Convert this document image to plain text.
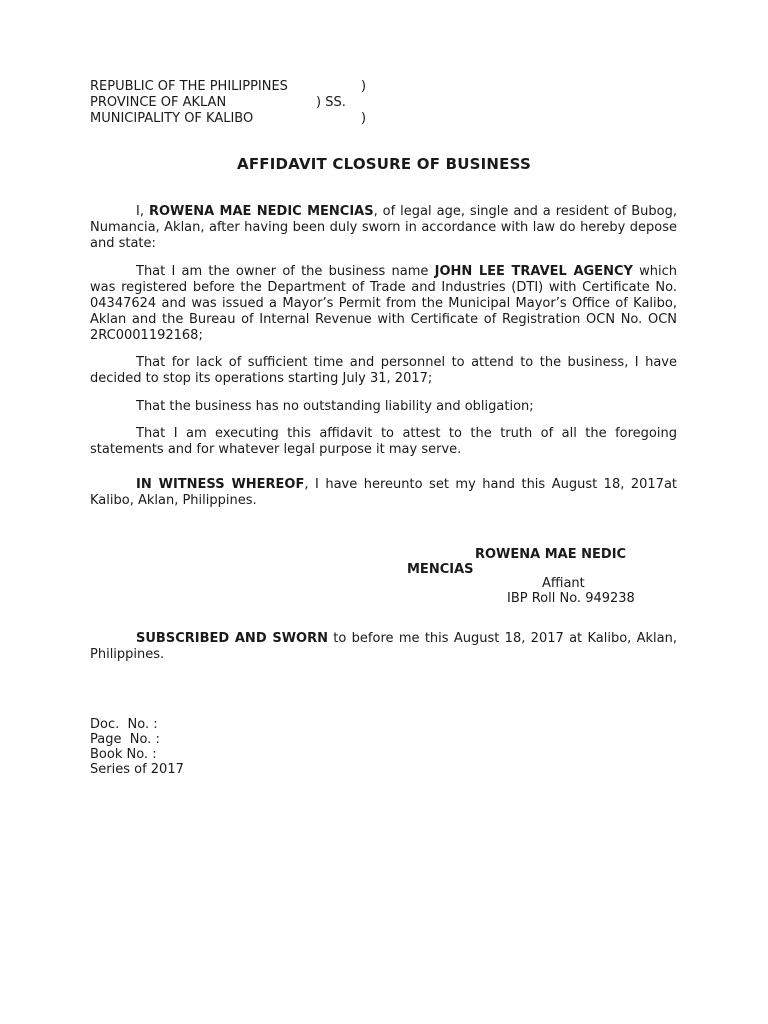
REPUBLIC OF THE PHILIPPINES	)
PROVINCE OF AKLAN	) SS.
MUNICIPALITY OF KALIBO	)
AFFIDAVIT CLOSURE OF BUSINESS

I, ROWENA MAE NEDIC MENCIAS, of legal age, single and a resident of Bubog, Numancia, Aklan, after having been duly sworn in accordance with law do hereby depose and state:

That I am the owner of the business name JOHN LEE TRAVEL AGENCY which was registered before the Department of Trade and Industries (DTI) with Certificate No. 04347624 and was issued a Mayor’s Permit from the Municipal Mayor’s Office of Kalibo, Aklan and the Bureau of Internal Revenue with Certificate of Registration OCN No. OCN 2RC0001192168;

That for lack of sufficient time and personnel to attend to the business, I have decided to stop its operations starting July 31, 2017;

That the business has no outstanding liability and obligation;

That I am executing this affidavit to attest to the truth of all the foregoing statements and for whatever legal purpose it may serve.

IN WITNESS WHEREOF, I have hereunto set my hand this August 18, 2017at Kalibo, Aklan, Philippines.

ROWENA MAE NEDIC
MENCIAS
Affiant
IBP Roll No. 949238

SUBSCRIBED AND SWORN to before me this August 18, 2017 at Kalibo, Aklan, Philippines.

Doc.  No. :
Page  No. :
Book No. :
Series of 2017
